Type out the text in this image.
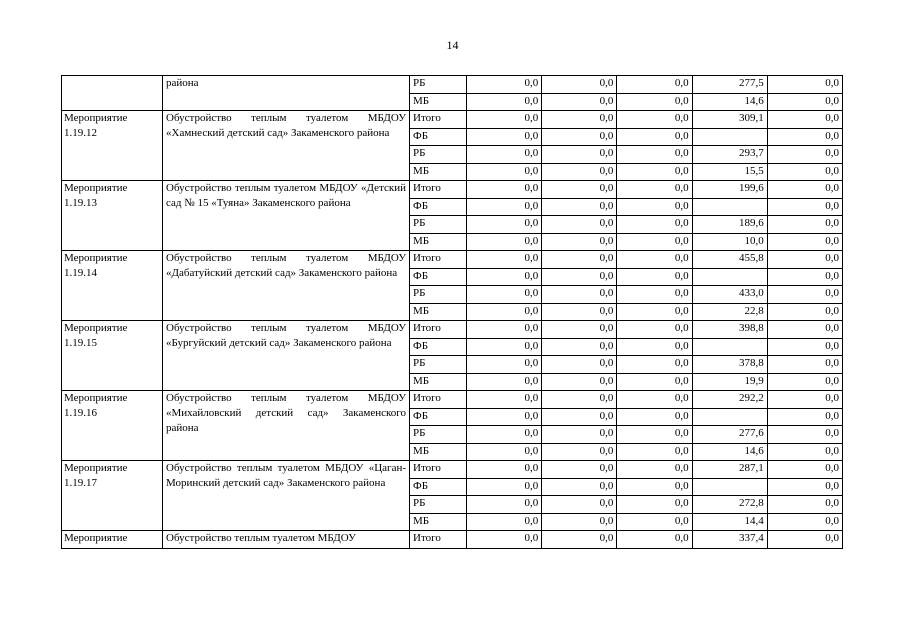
14
	района	РБ	0,0	0,0	0,0	277,5	0,0
		МБ	0,0	0,0	0,0	14,6	0,0
Мероприятие 1.19.12	Обустройство теплым туалетом МБДОУ «Хамнеский детский сад» Закаменского района	Итого	0,0	0,0	0,0	309,1	0,0
		ФБ	0,0	0,0	0,0		0,0
		РБ	0,0	0,0	0,0	293,7	0,0
		МБ	0,0	0,0	0,0	15,5	0,0
Мероприятие 1.19.13	Обустройство теплым туалетом МБДОУ «Детский сад № 15 «Туяна» Закаменского района	Итого	0,0	0,0	0,0	199,6	0,0
		ФБ	0,0	0,0	0,0		0,0
		РБ	0,0	0,0	0,0	189,6	0,0
		МБ	0,0	0,0	0,0	10,0	0,0
Мероприятие 1.19.14	Обустройство теплым туалетом МБДОУ «Дабатуйский детский сад» Закаменского района	Итого	0,0	0,0	0,0	455,8	0,0
		ФБ	0,0	0,0	0,0		0,0
		РБ	0,0	0,0	0,0	433,0	0,0
		МБ	0,0	0,0	0,0	22,8	0,0
Мероприятие 1.19.15	Обустройство теплым туалетом МБДОУ «Бургуйский детский сад» Закаменского района	Итого	0,0	0,0	0,0	398,8	0,0
		ФБ	0,0	0,0	0,0		0,0
		РБ	0,0	0,0	0,0	378,8	0,0
		МБ	0,0	0,0	0,0	19,9	0,0
Мероприятие 1.19.16	Обустройство теплым туалетом МБДОУ «Михайловский детский сад» Закаменского района	Итого	0,0	0,0	0,0	292,2	0,0
		ФБ	0,0	0,0	0,0		0,0
		РБ	0,0	0,0	0,0	277,6	0,0
		МБ	0,0	0,0	0,0	14,6	0,0
Мероприятие 1.19.17	Обустройство теплым туалетом МБДОУ «Цаган-Моринский детский сад» Закаменского района	Итого	0,0	0,0	0,0	287,1	0,0
		ФБ	0,0	0,0	0,0		0,0
		РБ	0,0	0,0	0,0	272,8	0,0
		МБ	0,0	0,0	0,0	14,4	0,0
Мероприятие	Обустройство теплым туалетом МБДОУ	Итого	0,0	0,0	0,0	337,4	0,0
